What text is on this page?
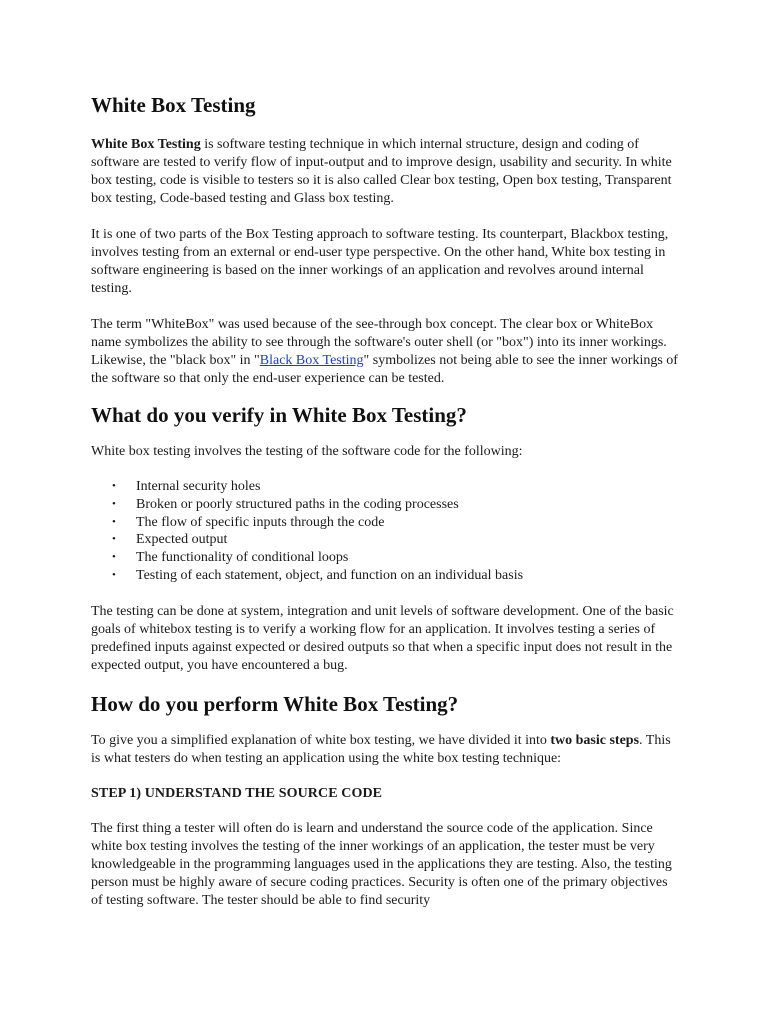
White Box Testing

White Box Testing is software testing technique in which internal structure, design and coding of software are tested to verify flow of input-output and to improve design, usability and security. In white box testing, code is visible to testers so it is also called Clear box testing, Open box testing, Transparent box testing, Code-based testing and Glass box testing.

It is one of two parts of the Box Testing approach to software testing. Its counterpart, Blackbox testing, involves testing from an external or end-user type perspective. On the other hand, White box testing in software engineering is based on the inner workings of an application and revolves around internal testing.

The term "WhiteBox" was used because of the see-through box concept. The clear box or WhiteBox name symbolizes the ability to see through the software's outer shell (or "box") into its inner workings. Likewise, the "black box" in "Black Box Testing" symbolizes not being able to see the inner workings of the software so that only the end-user experience can be tested.

What do you verify in White Box Testing?

White box testing involves the testing of the software code for the following:

• Internal security holes
• Broken or poorly structured paths in the coding processes
• The flow of specific inputs through the code
• Expected output
• The functionality of conditional loops
• Testing of each statement, object, and function on an individual basis

The testing can be done at system, integration and unit levels of software development. One of the basic goals of whitebox testing is to verify a working flow for an application. It involves testing a series of predefined inputs against expected or desired outputs so that when a specific input does not result in the expected output, you have encountered a bug.

How do you perform White Box Testing?

To give you a simplified explanation of white box testing, we have divided it into two basic steps. This is what testers do when testing an application using the white box testing technique:

STEP 1) UNDERSTAND THE SOURCE CODE

The first thing a tester will often do is learn and understand the source code of the application. Since white box testing involves the testing of the inner workings of an application, the tester must be very knowledgeable in the programming languages used in the applications they are testing. Also, the testing person must be highly aware of secure coding practices. Security is often one of the primary objectives of testing software. The tester should be able to find security
